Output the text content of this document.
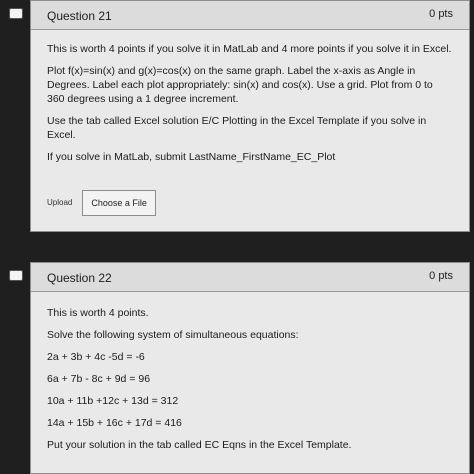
Question 21	0 pts

This is worth 4 points if you solve it in MatLab and 4 more points if you solve it in Excel.

Plot f(x)=sin(x) and g(x)=cos(x) on the same graph. Label the x-axis as Angle in Degrees. Label each plot appropriately: sin(x) and cos(x). Use a grid. Plot from 0 to 360 degrees using a 1 degree increment.

Use the tab called Excel solution E/C Plotting in the Excel Template if you solve in Excel.

If you solve in MatLab, submit LastName_FirstName_EC_Plot

Upload	Choose a File
Question 22	0 pts

This is worth 4 points.

Solve the following system of simultaneous equations:

2a + 3b + 4c -5d = -6

6a + 7b - 8c + 9d = 96

10a + 11b +12c + 13d = 312

14a + 15b + 16c + 17d = 416

Put your solution in the tab called EC Eqns in the Excel Template.
